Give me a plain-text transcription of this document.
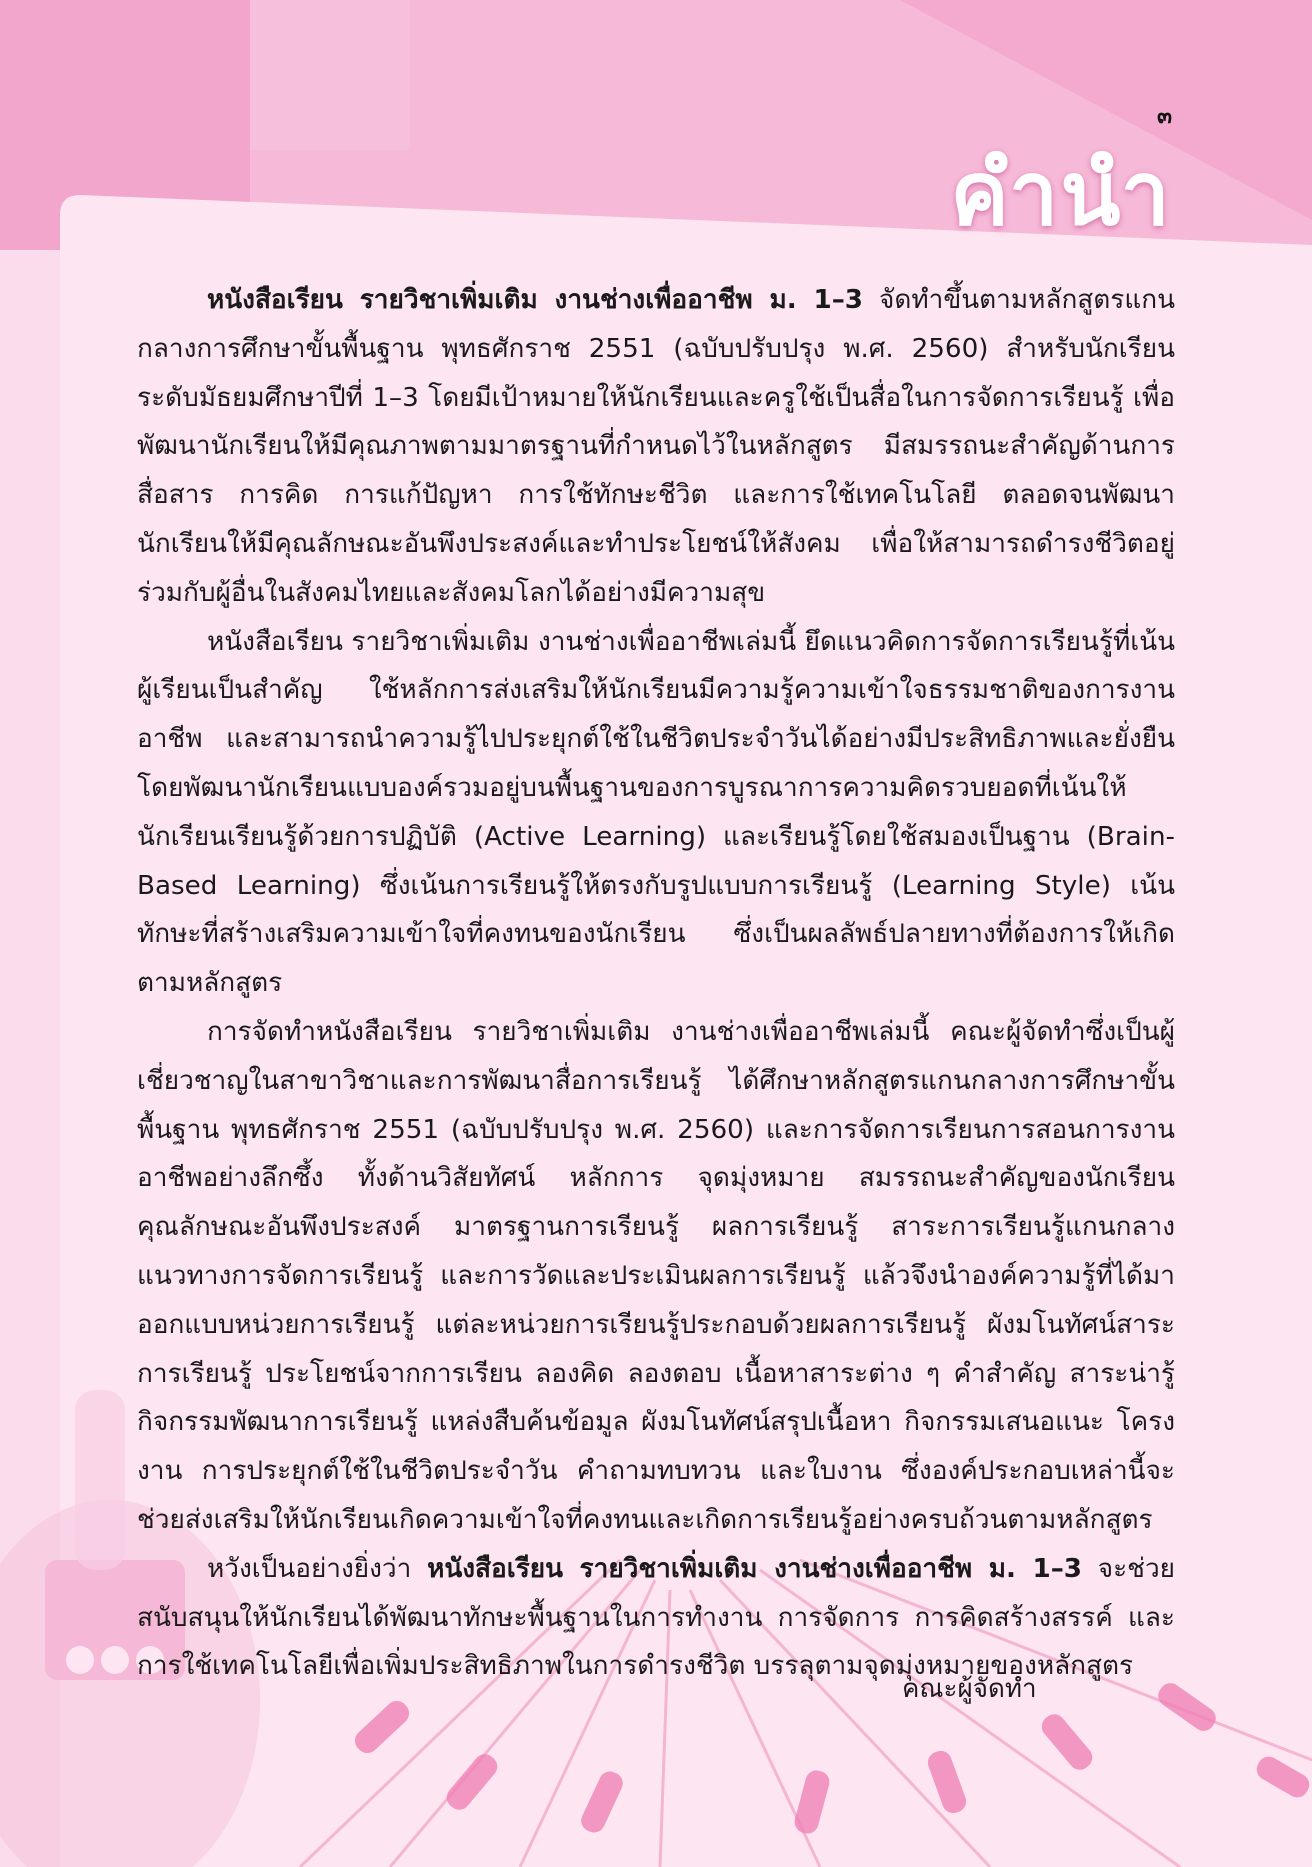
๓
คำนำ

หนังสือเรียน รายวิชาเพิ่มเติม งานช่างเพื่ออาชีพ ม. 1–3 จัดทำขึ้นตามหลักสูตรแกนกลางการศึกษาขั้นพื้นฐาน พุทธศักราช 2551 (ฉบับปรับปรุง พ.ศ. 2560) สำหรับนักเรียนระดับมัธยมศึกษาปีที่ 1–3 โดยมีเป้าหมายให้นักเรียนและครูใช้เป็นสื่อในการจัดการเรียนรู้ เพื่อพัฒนานักเรียนให้มีคุณภาพตามมาตรฐานที่กำหนดไว้ในหลักสูตร มีสมรรถนะสำคัญด้านการสื่อสาร การคิด การแก้ปัญหา การใช้ทักษะชีวิต และการใช้เทคโนโลยี ตลอดจนพัฒนานักเรียนให้มีคุณลักษณะอันพึงประสงค์และทำประโยชน์ให้สังคม เพื่อให้สามารถดำรงชีวิตอยู่ร่วมกับผู้อื่นในสังคมไทยและสังคมโลกได้อย่างมีความสุข

หนังสือเรียน รายวิชาเพิ่มเติม งานช่างเพื่ออาชีพเล่มนี้ ยึดแนวคิดการจัดการเรียนรู้ที่เน้นผู้เรียนเป็นสำคัญ ใช้หลักการส่งเสริมให้นักเรียนมีความรู้ความเข้าใจธรรมชาติของการงานอาชีพ และสามารถนำความรู้ไปประยุกต์ใช้ในชีวิตประจำวันได้อย่างมีประสิทธิภาพและยั่งยืน โดยพัฒนานักเรียนแบบองค์รวมอยู่บนพื้นฐานของการบูรณาการความคิดรวบยอดที่เน้นให้นักเรียนเรียนรู้ด้วยการปฏิบัติ (Active Learning) และเรียนรู้โดยใช้สมองเป็นฐาน (Brain-Based Learning) ซึ่งเน้นการเรียนรู้ให้ตรงกับรูปแบบการเรียนรู้ (Learning Style) เน้นทักษะที่สร้างเสริมความเข้าใจที่คงทนของนักเรียน ซึ่งเป็นผลลัพธ์ปลายทางที่ต้องการให้เกิดตามหลักสูตร

การจัดทำหนังสือเรียน รายวิชาเพิ่มเติม งานช่างเพื่ออาชีพเล่มนี้ คณะผู้จัดทำซึ่งเป็นผู้เชี่ยวชาญในสาขาวิชาและการพัฒนาสื่อการเรียนรู้ ได้ศึกษาหลักสูตรแกนกลางการศึกษาขั้นพื้นฐาน พุทธศักราช 2551 (ฉบับปรับปรุง พ.ศ. 2560) และการจัดการเรียนการสอนการงานอาชีพอย่างลึกซึ้ง ทั้งด้านวิสัยทัศน์ หลักการ จุดมุ่งหมาย สมรรถนะสำคัญของนักเรียน คุณลักษณะอันพึงประสงค์ มาตรฐานการเรียนรู้ ผลการเรียนรู้ สาระการเรียนรู้แกนกลาง แนวทางการจัดการเรียนรู้ และการวัดและประเมินผลการเรียนรู้ แล้วจึงนำองค์ความรู้ที่ได้มาออกแบบหน่วยการเรียนรู้ แต่ละหน่วยการเรียนรู้ประกอบด้วยผลการเรียนรู้ ผังมโนทัศน์สาระการเรียนรู้ ประโยชน์จากการเรียน ลองคิด ลองตอบ เนื้อหาสาระต่าง ๆ คำสำคัญ สาระน่ารู้ กิจกรรมพัฒนาการเรียนรู้ แหล่งสืบค้นข้อมูล ผังมโนทัศน์สรุปเนื้อหา กิจกรรมเสนอแนะ โครงงาน การประยุกต์ใช้ในชีวิตประจำวัน คำถามทบทวน และใบงาน ซึ่งองค์ประกอบเหล่านี้จะช่วยส่งเสริมให้นักเรียนเกิดความเข้าใจที่คงทนและเกิดการเรียนรู้อย่างครบถ้วนตามหลักสูตร

หวังเป็นอย่างยิ่งว่า หนังสือเรียน รายวิชาเพิ่มเติม งานช่างเพื่ออาชีพ ม. 1–3 จะช่วยสนับสนุนให้นักเรียนได้พัฒนาทักษะพื้นฐานในการทำงาน การจัดการ การคิดสร้างสรรค์ และการใช้เทคโนโลยีเพื่อเพิ่มประสิทธิภาพในการดำรงชีวิต บรรลุตามจุดมุ่งหมายของหลักสูตร

คณะผู้จัดทำ
